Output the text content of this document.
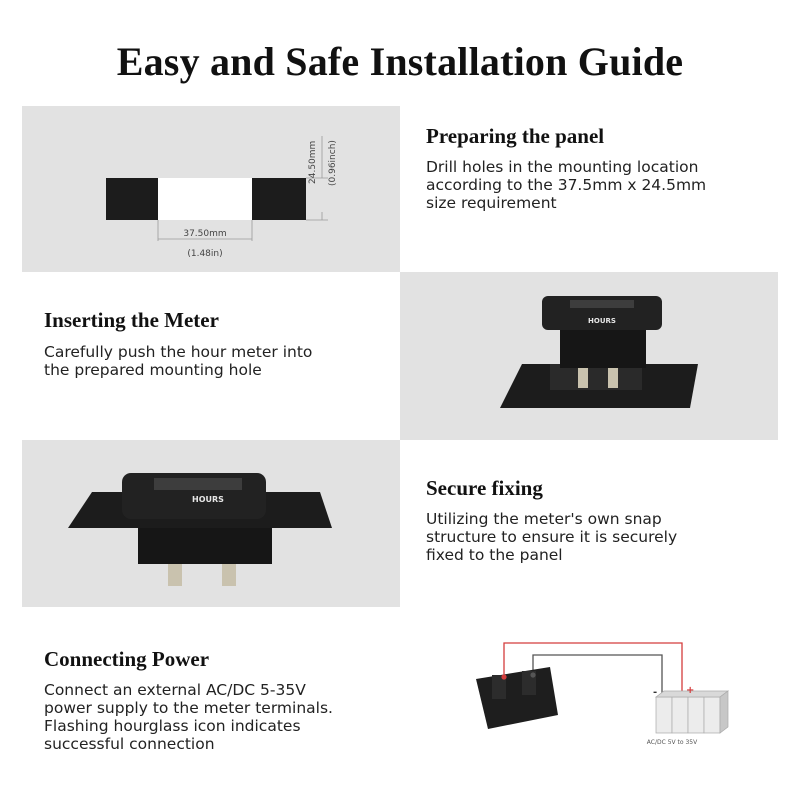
Easy and Safe Installation Guide
37.50mm
(1.48in)
24.50mm (0.96inch)
Preparing the panel
Drill holes in the mounting location
according to the 37.5mm x 24.5mm
size requirement
Inserting the Meter
Carefully push the hour meter into
the prepared mounting hole
HOURS
HOURS	Secure fixing
Utilizing the meter's own snap
structure to ensure it is securely
fixed to the panel
Connecting Power
Connect an external AC/DC 5-35V
power supply to the meter terminals.
Flashing hourglass icon indicates
successful connection
-	+
AC/DC 5V to 35V
